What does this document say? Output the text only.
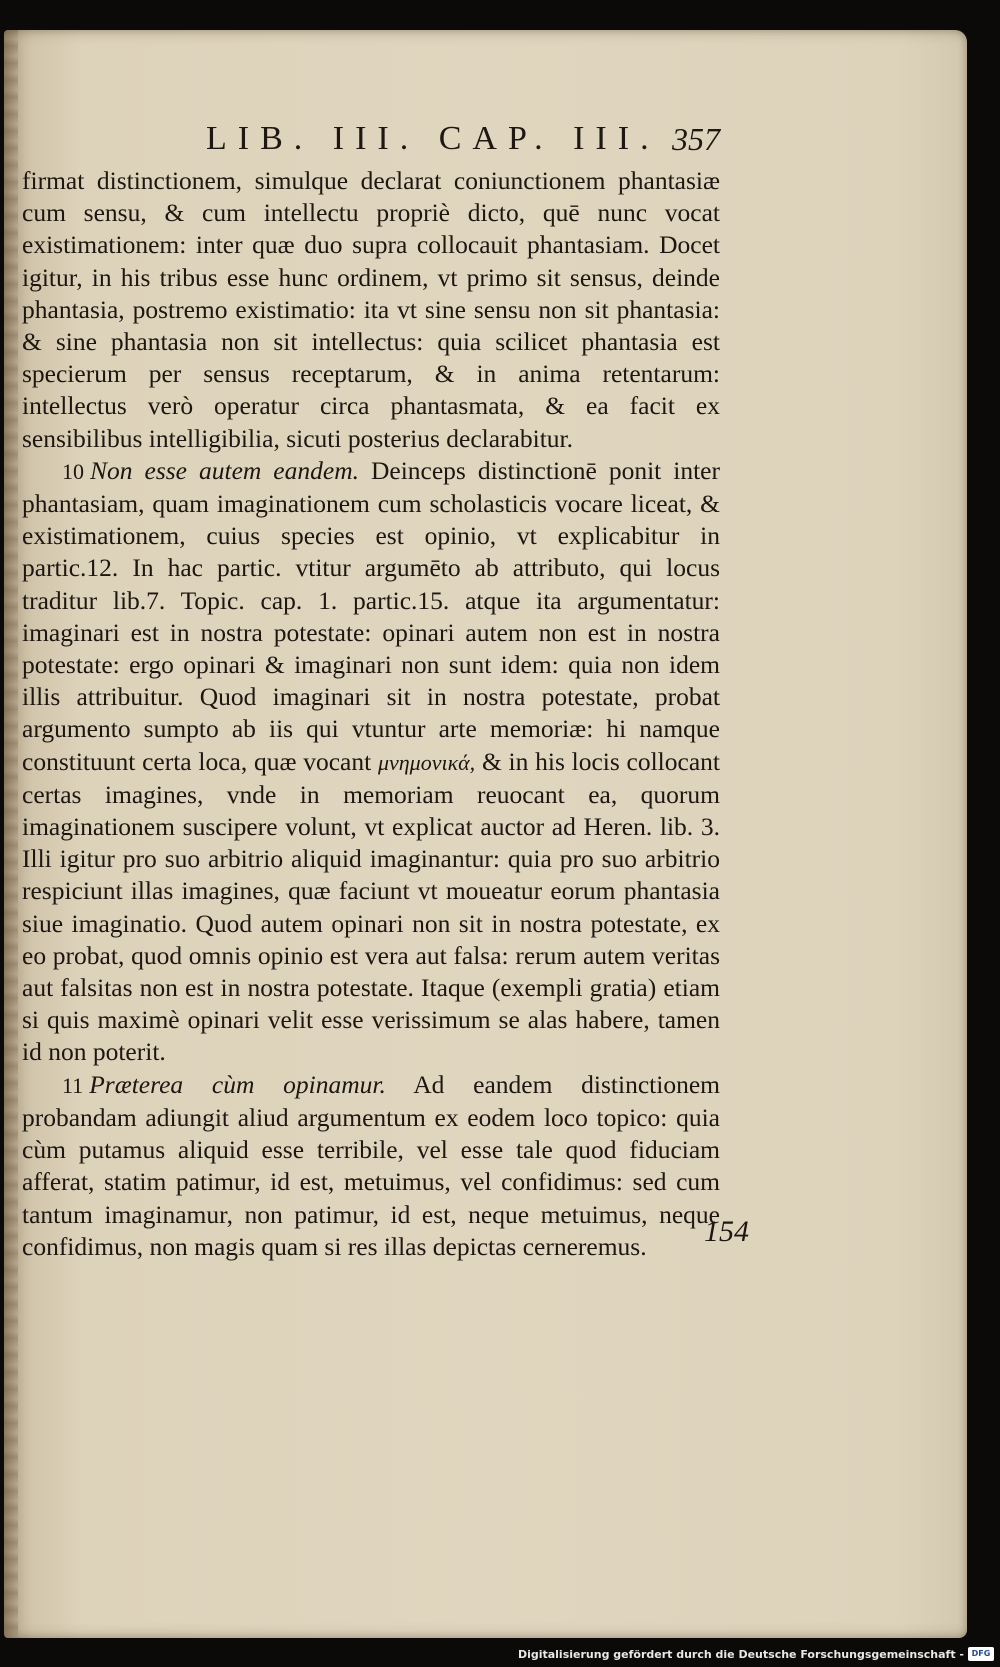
LIB. III. CAP. III. 357

firmat distinctionem, simulque declarat coniunctionem phantasiæ cum sensu, & cum intellectu propriè dicto, quē nunc vocat existimationem: inter quæ duo supra collocauit phantasiam. Docet igitur, in his tribus esse hunc ordinem, vt primo sit sensus, deinde phantasia, postremo existimatio: ita vt sine sensu non sit phantasia: & sine phantasia non sit intellectus: quia scilicet phantasia est specierum per sensus receptarum, & in anima retentarum: intellectus verò operatur circa phantasmata, & ea facit ex sensibilibus intelligibilia, sicuti posterius declarabitur.

10 Non esse autem eandem. Deinceps distinctionē ponit inter phantasiam, quam imaginationem cum scholasticis vocare liceat, & existimationem, cuius species est opinio, vt explicabitur in partic.12. In hac partic. vtitur argumēto ab attributo, qui locus traditur lib.7. Topic. cap. 1. partic.15. atque ita argumentatur: imaginari est in nostra potestate: opinari autem non est in nostra potestate: ergo opinari & imaginari non sunt idem: quia non idem illis attribuitur. Quod imaginari sit in nostra potestate, probat argumento sumpto ab iis qui vtuntur arte memoriæ: hi namque constituunt certa loca, quæ vocant μνημονικά, & in his locis collocant certas imagines, vnde in memoriam reuocant ea, quorum imaginationem suscipere volunt, vt explicat auctor ad Heren. lib. 3. Illi igitur pro suo arbitrio aliquid imaginantur: quia pro suo arbitrio respiciunt illas imagines, quæ faciunt vt moueatur eorum phantasia siue imaginatio. Quod autem opinari non sit in nostra potestate, ex eo probat, quod omnis opinio est vera aut falsa: rerum autem veritas aut falsitas non est in nostra potestate. Itaque (exempli gratia) etiam si quis maximè opinari velit esse verissimum se alas habere, tamen id non poterit.

11 Præterea cùm opinamur. Ad eandem distinctionem probandam adiungit aliud argumentum ex eodem loco topico: quia cùm putamus aliquid esse terribile, vel esse tale quod fiduciam afferat, statim patimur, id est, metuimus, vel confidimus: sed cum tantum imaginamur, non patimur, id est, neque metuimus, neque confidimus, non magis quam si res illas depictas cerneremus.	154
Digitalisierung gefördert durch die Deutsche Forschungsgemeinschaft - DFG
